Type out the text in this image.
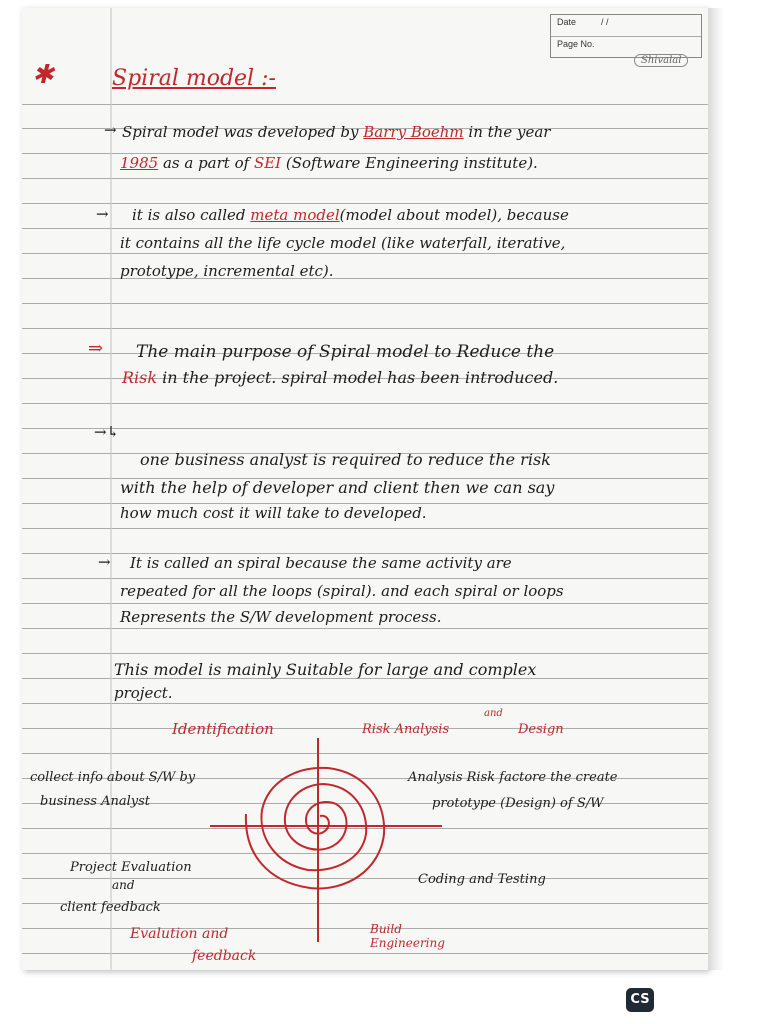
Date	/ /
Page No.
Shivalal
✱	Spiral model :-
→ Spiral model was developed by Barry Boehm in the year
1985 as a part of SEI (Software Engineering institute).
→ it is also called meta model(model about model), because
it contains all the life cycle model (like waterfall, iterative,
prototype, incremental etc).
⇒ The main purpose of Spiral model to Reduce the
Risk in the project. spiral model has been introduced.
→↳
one business analyst is required to reduce the risk
with the help of developer and client then we can say
how much cost it will take to developed.
→ It is called an spiral because the same activity are
repeated for all the loops (spiral). and each spiral or loops
Represents the S/W development process.
This model is mainly Suitable for large and complex
project.
Identification	Risk Analysis
and
Design
collect info about S/W by
business Analyst
Analysis Risk factore the create
prototype (Design) of S/W
Project Evaluation
and
client feedback
Coding and Testing
Evalution and
feedback
Build
Engineering
CS
